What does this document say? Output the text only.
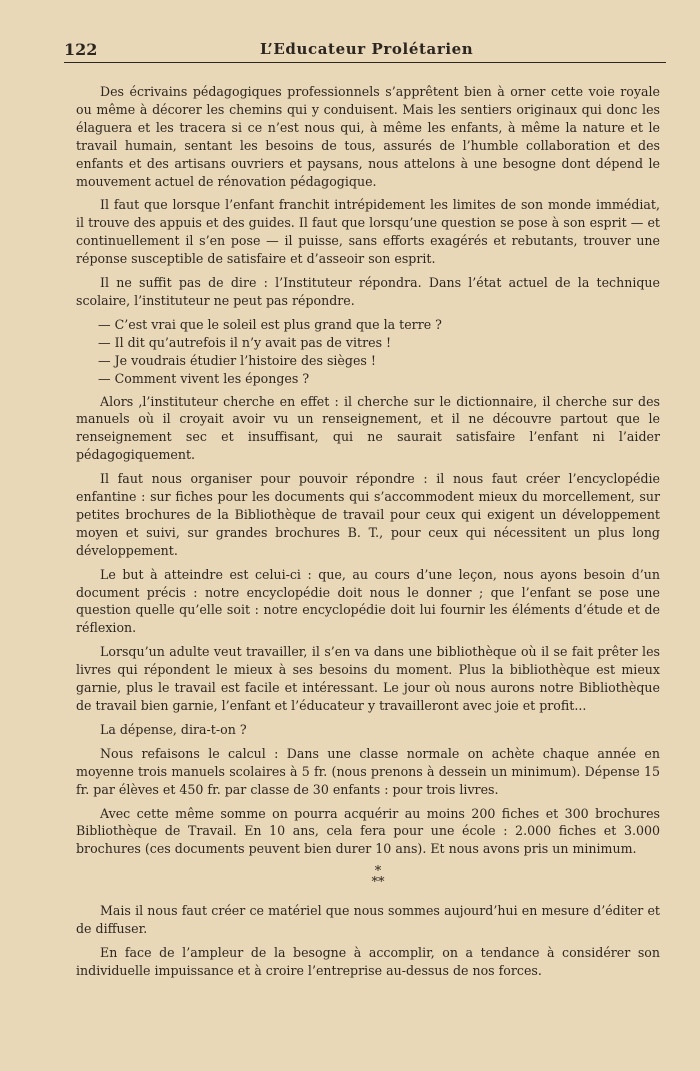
122	L’Educateur Prolétarien

Des écrivains pédagogiques professionnels s’apprêtent bien à orner cette voie royale ou même à décorer les chemins qui y conduisent. Mais les sentiers originaux qui donc les élaguera et les tracera si ce n’est nous qui, à même les enfants, à même la nature et le travail humain, sentant les besoins de tous, assurés de l’humble collaboration et des enfants et des artisans ouvriers et paysans, nous attelons à une besogne dont dépend le mouvement actuel de rénovation pédagogique.

Il faut que lorsque l’enfant franchit intrépidement les limites de son monde immédiat, il trouve des appuis et des guides. Il faut que lorsqu’une question se pose à son esprit — et continuellement il s’en pose — il puisse, sans efforts exagérés et rebutants, trouver une réponse susceptible de satisfaire et d’asseoir son esprit.

Il ne suffit pas de dire : l’Instituteur répondra. Dans l’état actuel de la technique scolaire, l’instituteur ne peut pas répondre.

— C’est vrai que le soleil est plus grand que la terre ?
— Il dit qu’autrefois il n’y avait pas de vitres !
— Je voudrais étudier l’histoire des sièges !
— Comment vivent les éponges ?

Alors ,l’instituteur cherche en effet : il cherche sur le dictionnaire, il cherche sur des manuels où il croyait avoir vu un renseignement, et il ne découvre partout que le renseignement sec et insuffisant, qui ne saurait satisfaire l’enfant ni l’aider pédagogiquement.

Il faut nous organiser pour pouvoir répondre : il nous faut créer l’encyclopédie enfantine : sur fiches pour les documents qui s’accommodent mieux du morcellement, sur petites brochures de la Bibliothèque de travail pour ceux qui exigent un développement moyen et suivi, sur grandes brochures B. T., pour ceux qui nécessitent un plus long développement.

Le but à atteindre est celui-ci : que, au cours d’une leçon, nous ayons besoin d’un document précis : notre encyclopédie doit nous le donner ; que l’enfant se pose une question quelle qu’elle soit : notre encyclopédie doit lui fournir les éléments d’étude et de réflexion.

Lorsqu’un adulte veut travailler, il s’en va dans une bibliothèque où il se fait prêter les livres qui répondent le mieux à ses besoins du moment. Plus la bibliothèque est mieux garnie, plus le travail est facile et intéressant. Le jour où nous aurons notre Bibliothèque de travail bien garnie, l’enfant et l’éducateur y travailleront avec joie et profit...

La dépense, dira-t-on ?

Nous refaisons le calcul : Dans une classe normale on achète chaque année en moyenne trois manuels scolaires à 5 fr. (nous prenons à dessein un minimum). Dépense 15 fr. par élèves et 450 fr. par classe de 30 enfants : pour trois livres.

Avec cette même somme on pourra acquérir au moins 200 fiches et 300 brochures Bibliothèque de Travail. En 10 ans, cela fera pour une école : 2.000 fiches et 3.000 brochures (ces documents peuvent bien durer 10 ans). Et nous avons pris un minimum.

*
**

Mais il nous faut créer ce matériel que nous sommes aujourd’hui en mesure d’éditer et de diffuser.

En face de l’ampleur de la besogne à accomplir, on a tendance à considérer son individuelle impuissance et à croire l’entreprise au-dessus de nos forces.
